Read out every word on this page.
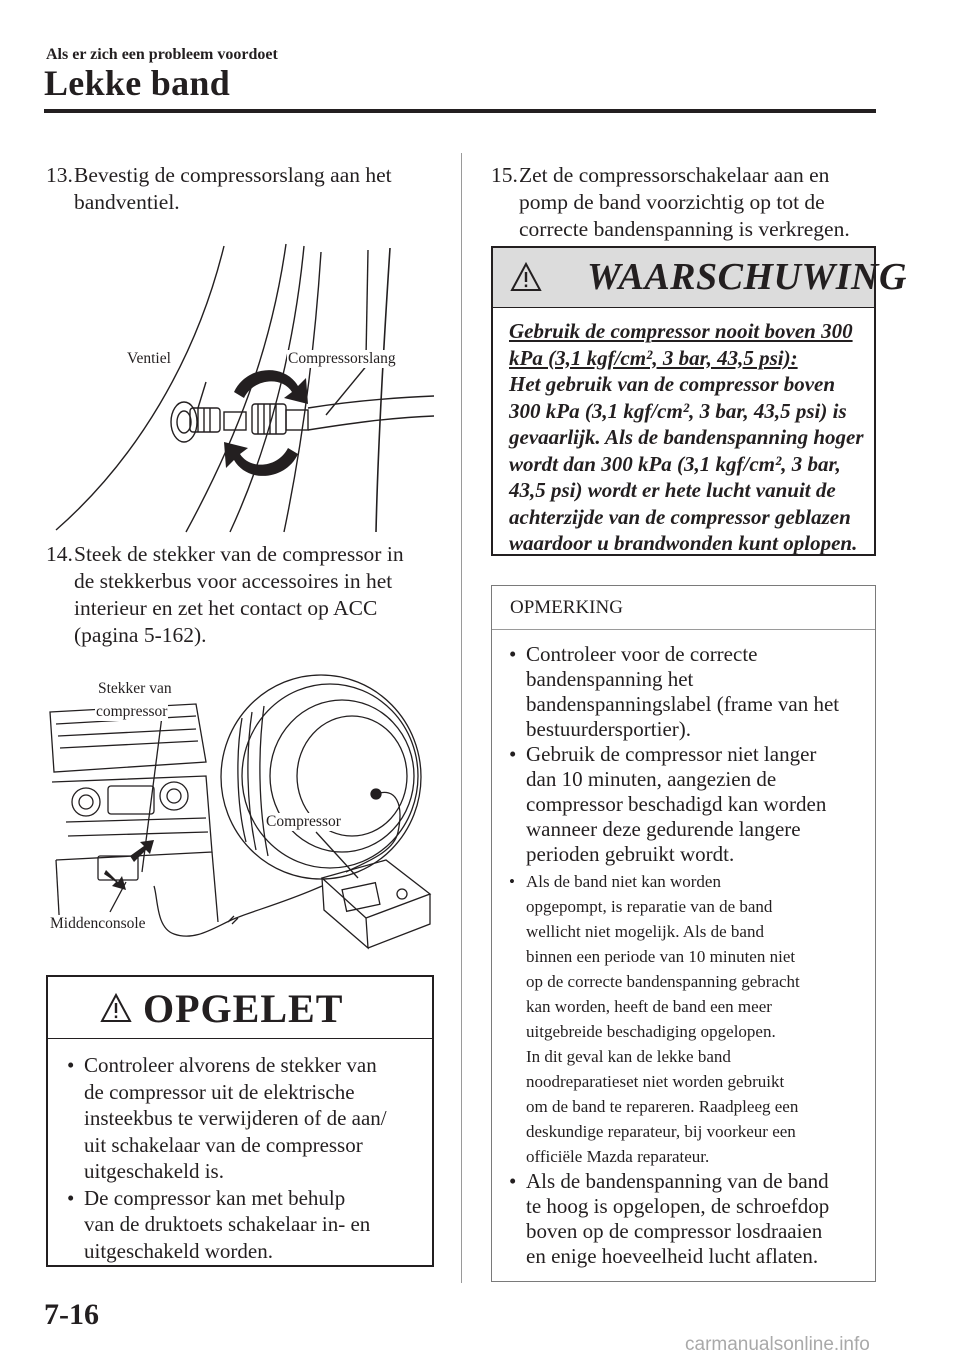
Als er zich een probleem voordoet
Lekke band
13. Bevestig de compressorslang aan het
bandventiel.
Ventiel	Compressorslang
14. Steek de stekker van de compressor in
de stekkerbus voor accessoires in het
interieur en zet het contact op ACC
(pagina 5-162).
Stekker van
compressor
Compressor
Middenconsole
OPGELET
• Controleer alvorens de stekker van
de compressor uit de elektrische
insteekbus te verwijderen of de aan/
uit schakelaar van de compressor
uitgeschakeld is.
• De compressor kan met behulp
van de druktoets schakelaar in- en
uitgeschakeld worden.
15. Zet de compressorschakelaar aan en
pomp de band voorzichtig op tot de
correcte bandenspanning is verkregen.
WAARSCHUWING
Gebruik de compressor nooit boven 300
kPa (3,1 kgf/cm², 3 bar, 43,5 psi):
Het gebruik van de compressor boven
300 kPa (3,1 kgf/cm², 3 bar, 43,5 psi) is
gevaarlijk. Als de bandenspanning hoger
wordt dan 300 kPa (3,1 kgf/cm², 3 bar,
43,5 psi) wordt er hete lucht vanuit de
achterzijde van de compressor geblazen
waardoor u brandwonden kunt oplopen.
OPMERKING
• Controleer voor de correcte
bandenspanning het
bandenspanningslabel (frame van het
bestuurdersportier).
• Gebruik de compressor niet langer
dan 10 minuten, aangezien de
compressor beschadigd kan worden
wanneer deze gedurende langere
perioden gebruikt wordt.
• Als de band niet kan worden
opgepompt, is reparatie van de band
wellicht niet mogelijk. Als de band
binnen een periode van 10 minuten niet
op de correcte bandenspanning gebracht
kan worden, heeft de band een meer
uitgebreide beschadiging opgelopen.
In dit geval kan de lekke band
noodreparatieset niet worden gebruikt
om de band te repareren. Raadpleeg een
deskundige reparateur, bij voorkeur een
officiële Mazda reparateur.
• Als de bandenspanning van de band
te hoog is opgelopen, de schroefdop
boven op de compressor losdraaien
en enige hoeveelheid lucht aflaten.
7-16
carmanualsonline.info
